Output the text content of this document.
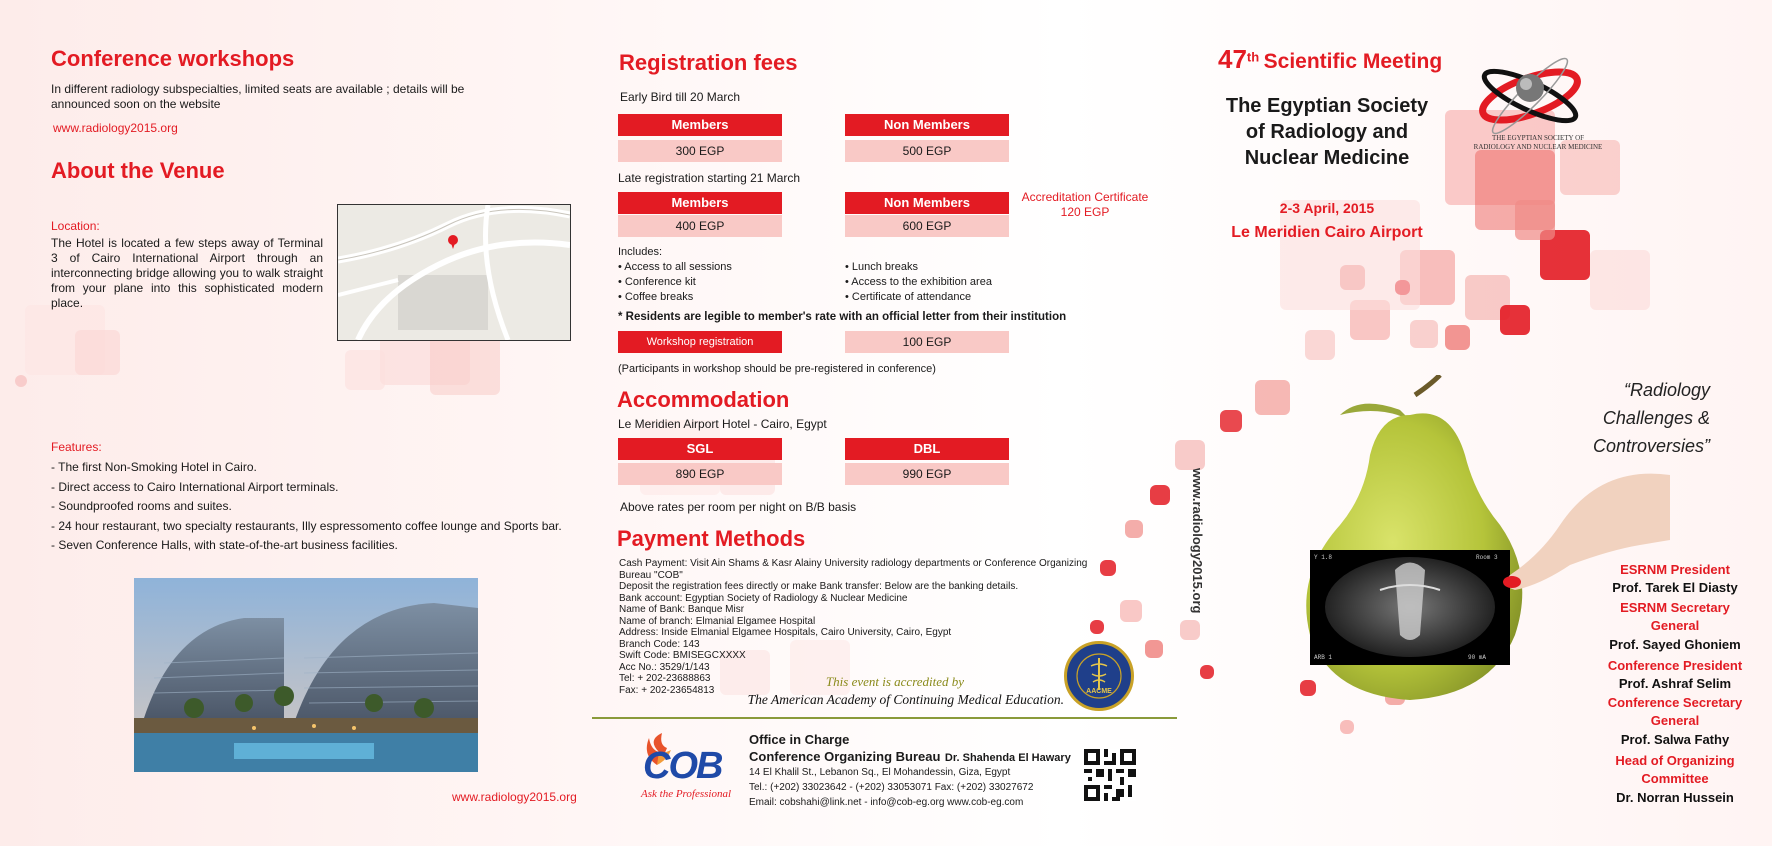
Conference workshops
In different radiology subspecialties, limited seats are available ; details will be announced soon on the website
www.radiology2015.org
About the Venue
Location:
The Hotel is located a few steps away of Terminal 3 of Cairo International Airport through an interconnecting bridge allowing you to walk straight from your plane into this sophisticated modern place.
Features:
- The first Non-Smoking Hotel in Cairo.
- Direct access to Cairo International Airport terminals.
- Soundproofed rooms and suites.
- 24 hour restaurant, two specialty restaurants, Illy espressomento coffee lounge and Sports bar.
- Seven Conference Halls, with state-of-the-art business facilities.
www.radiology2015.org
Registration fees
Early Bird till 20 March
Members	Non Members
300 EGP	500 EGP
Late registration starting 21 March
Members	Non Members
400 EGP	600 EGP
Accreditation Certificate
120 EGP
Includes:
• Access to all sessions
• Conference kit
• Coffee breaks
• Lunch breaks
• Access to the exhibition area
• Certificate of attendance
* Residents are legible to member's rate with an official letter from their institution
Workshop registration	100 EGP
(Participants in workshop should be pre-registered in conference)
Accommodation
Le Meridien Airport Hotel - Cairo, Egypt
SGL	DBL
890 EGP	990 EGP
Above rates per room per night on B/B basis
Payment Methods
Cash Payment: Visit Ain Shams & Kasr Alainy University radiology departments or Conference Organizing Bureau "COB"
Deposit the registration fees directly or make Bank transfer: Below are the banking details.
Bank account: Egyptian Society of Radiology & Nuclear Medicine
Name of Bank: Banque Misr
Name of branch: Elmanial Elgamee Hospital
Address: Inside Elmanial Elgamee Hospitals, Cairo University, Cairo, Egypt
Branch Code: 143
Swift Code: BMISEGCXXXX
Acc No.: 3529/1/143
Tel: + 202-23688863
Fax: + 202-23654813
This event is accredited by
The American Academy of Continuing Medical Education.
AACME
COB
Ask the Professional
Office in Charge
Conference Organizing Bureau Dr. Shahenda El Hawary
14 El Khalil St., Lebanon Sq., El Mohandessin, Giza, Egypt
Tel.: (+202) 33023642 - (+202) 33053071 Fax: (+202) 33027672
Email: cobshahi@link.net - info@cob-eg.org www.cob-eg.com
47th Scientific Meeting
The Egyptian Society of Radiology and Nuclear Medicine
THE EGYPTIAN SOCIETY OF
RADIOLOGY AND NUCLEAR MEDICINE
2-3 April, 2015
Le Meridien Cairo Airport
www.radiology2015.org
“Radiology Challenges & Controversies”
Y 1.8	Room 3
ARB 1	90 mA
ESRNM President
Prof. Tarek El Diasty
ESRNM Secretary General
Prof. Sayed Ghoniem
Conference President
Prof. Ashraf Selim
Conference Secretary General
Prof. Salwa Fathy
Head of Organizing Committee
Dr. Norran Hussein
